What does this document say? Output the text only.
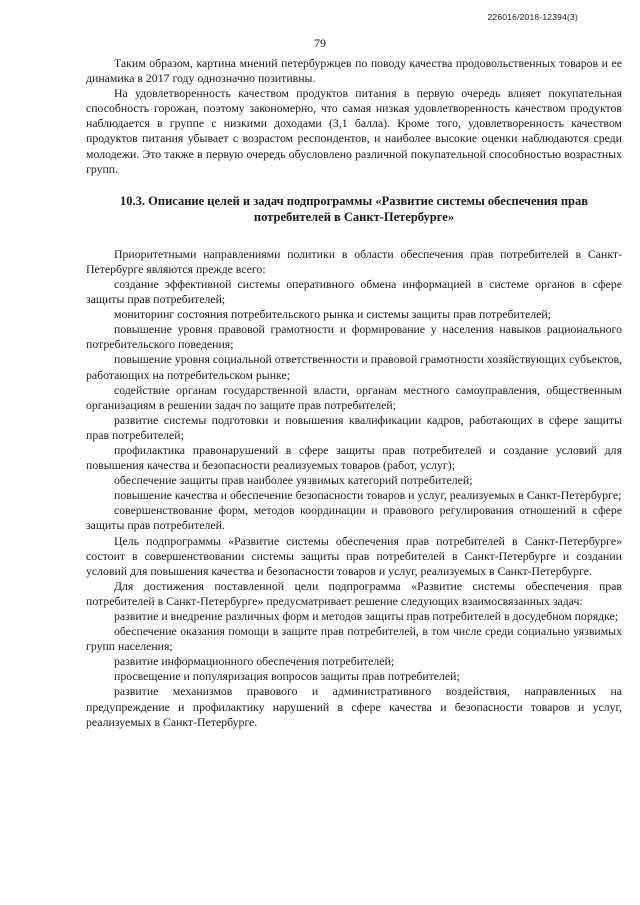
226016/2018-12394(3)
79

Таким образом, картина мнений петербуржцев по поводу качества продовольственных товаров и ее динамика в 2017 году однозначно позитивны.

На удовлетворенность качеством продуктов питания в первую очередь влияет покупательная способность горожан, поэтому закономерно, что самая низкая удовлетворенность качеством продуктов наблюдается в группе с низкими доходами (3,1 балла). Кроме того, удовлетворенность качеством продуктов питания убывает с возрастом респондентов, и наиболее высокие оценки наблюдаются среди молодежи. Это также в первую очередь обусловлено различной покупательной способностью возрастных групп.

10.3. Описание целей и задач подпрограммы «Развитие системы обеспечения прав потребителей в Санкт-Петербурге»

Приоритетными направлениями политики в области обеспечения прав потребителей в Санкт-Петербурге являются прежде всего:

создание эффективной системы оперативного обмена информацией в системе органов в сфере защиты прав потребителей;

мониторинг состояния потребительского рынка и системы защиты прав потребителей;

повышение уровня правовой грамотности и формирование у населения навыков рационального потребительского поведения;

повышение уровня социальной ответственности и правовой грамотности хозяйствующих субъектов, работающих на потребительском рынке;

содействие органам государственной власти, органам местного самоуправления, общественным организациям в решении задач по защите прав потребителей;

развитие системы подготовки и повышения квалификации кадров, работающих в сфере защиты прав потребителей;

профилактика правонарушений в сфере защиты прав потребителей и создание условий для повышения качества и безопасности реализуемых товаров (работ, услуг);

обеспечение защиты прав наиболее уязвимых категорий потребителей;

повышение качества и обеспечение безопасности товаров и услуг, реализуемых в Санкт-Петербурге;

совершенствование форм, методов координации и правового регулирования отношений в сфере защиты прав потребителей.

Цель подпрограммы «Развитие системы обеспечения прав потребителей в Санкт-Петербурге» состоит в совершенствовании системы защиты прав потребителей в Санкт-Петербурге и создании условий для повышения качества и безопасности товаров и услуг, реализуемых в Санкт-Петербурге.

Для достижения поставленной цели подпрограмма «Развитие системы обеспечения прав потребителей в Санкт-Петербурге» предусматривает решение следующих взаимосвязанных задач:

развитие и внедрение различных форм и методов защиты прав потребителей в досудебном порядке;

обеспечение оказания помощи в защите прав потребителей, в том числе среди социально уязвимых групп населения;

развитие информационного обеспечения потребителей;

просвещение и популяризация вопросов защиты прав потребителей;

развитие механизмов правового и административного воздействия, направленных на предупреждение и профилактику нарушений в сфере качества и безопасности товаров и услуг, реализуемых в Санкт-Петербурге.
